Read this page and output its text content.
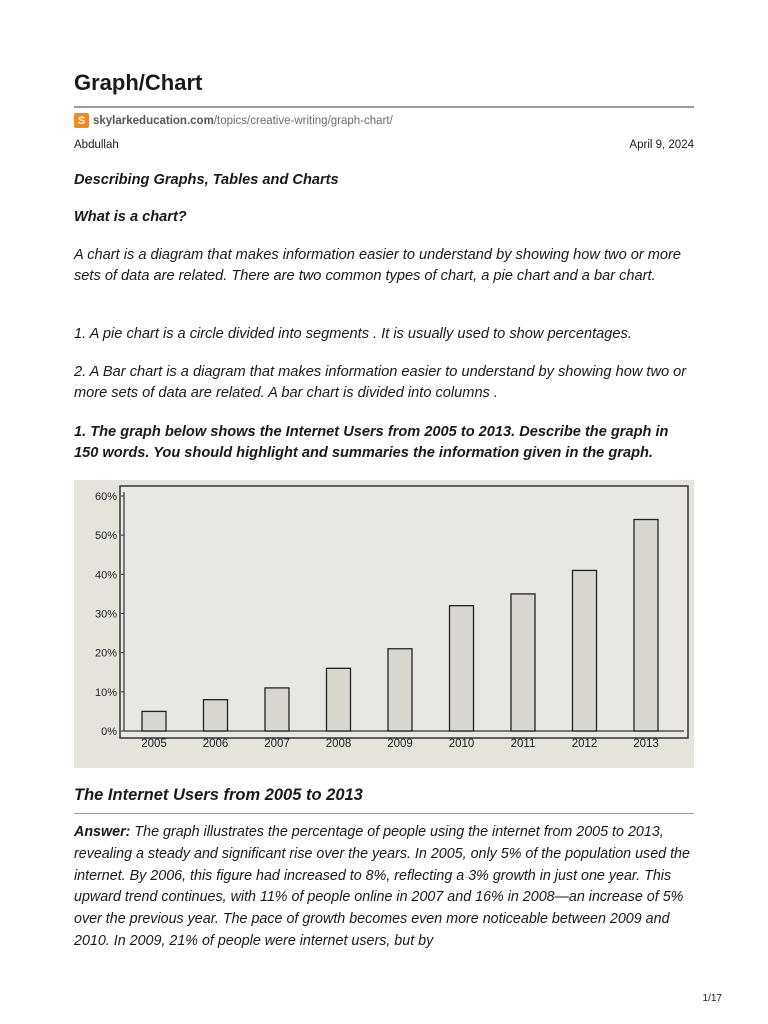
Graph/Chart
S skylarkeducation.com/topics/creative-writing/graph-chart/
Abdullah	April 9, 2024

Describing Graphs, Tables and Charts

What is a chart?

A chart is a diagram that makes information easier to understand by showing how two or more sets of data are related. There are two common types of chart, a pie chart and a bar chart.

1. A pie chart is a circle divided into segments . It is usually used to show percentages.

2. A Bar chart is a diagram that makes information easier to understand by showing how two or more sets of data are related. A bar chart is divided into columns .

1. The graph below shows the Internet Users from 2005 to 2013. Describe the graph in 150 words. You should highlight and summaries the information given in the graph.

0%
10%
20%
30%
40%
50%
60%
2005	2006	2007	2008	2009	2010	2011	2012	2013
The Internet Users from 2005 to 2013

Answer: The graph illustrates the percentage of people using the internet from 2005 to 2013, revealing a steady and significant rise over the years. In 2005, only 5% of the population used the internet. By 2006, this figure had increased to 8%, reflecting a 3% growth in just one year. This upward trend continues, with 11% of people online in 2007 and 16% in 2008—an increase of 5% over the previous year. The pace of growth becomes even more noticeable between 2009 and 2010. In 2009, 21% of people were internet users, but by

1/17
